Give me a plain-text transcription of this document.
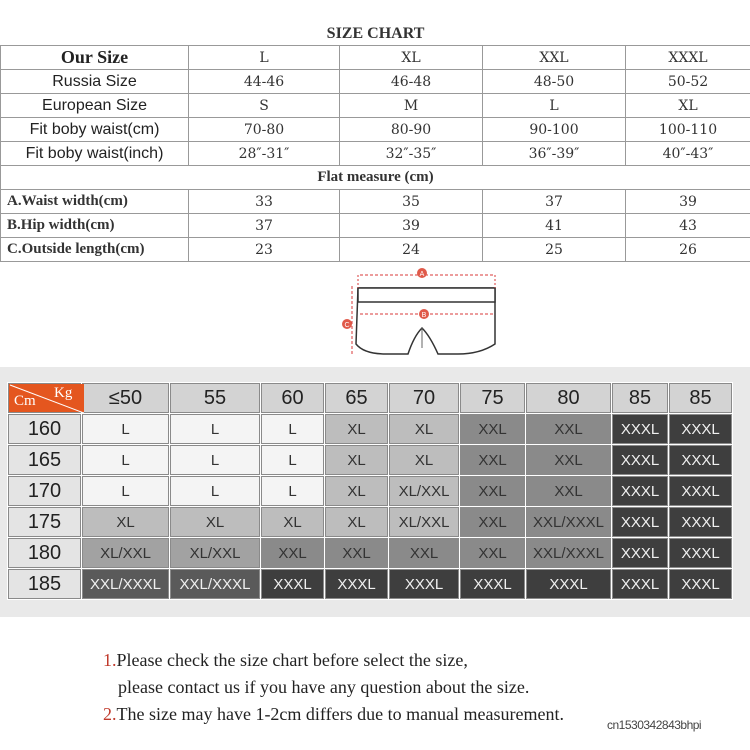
SIZE CHART				
Our Size	L	XL	XXL	XXXL
Russia Size	44-46	46-48	48-50	50-52
European Size	S	M	L	XL
Fit boby waist(cm)	70-80	80-90	90-100	100-110
Fit boby waist(inch)	28″-31″	32″-35″	36″-39″	40″-43″
Flat measure (cm)				
A.Waist width(cm)	33	35	37	39
B.Hip width(cm)	37	39	41	43
C.Outside length(cm)	23	24	25	26
A
B
C
Cm Kg	≤50	55	60	65	70	75	80	85	85
160	L	L	L	XL	XL	XXL	XXL	XXXL	XXXL
165	L	L	L	XL	XL	XXL	XXL	XXXL	XXXL
170	L	L	L	XL	XL/XXL	XXL	XXL	XXXL	XXXL
175	XL	XL	XL	XL	XL/XXL	XXL	XXL/XXXL	XXXL	XXXL
180	XL/XXL	XL/XXL	XXL	XXL	XXL	XXL	XXL/XXXL	XXXL	XXXL
185	XXL/XXXL	XXL/XXXL	XXXL	XXXL	XXXL	XXXL	XXXL	XXXL	XXXL
1.Please check the size chart before select the size,
please contact us if you have any question about the size.
2.The size may have 1-2cm differs due to manual measurement.
cn1530342843bhpi
